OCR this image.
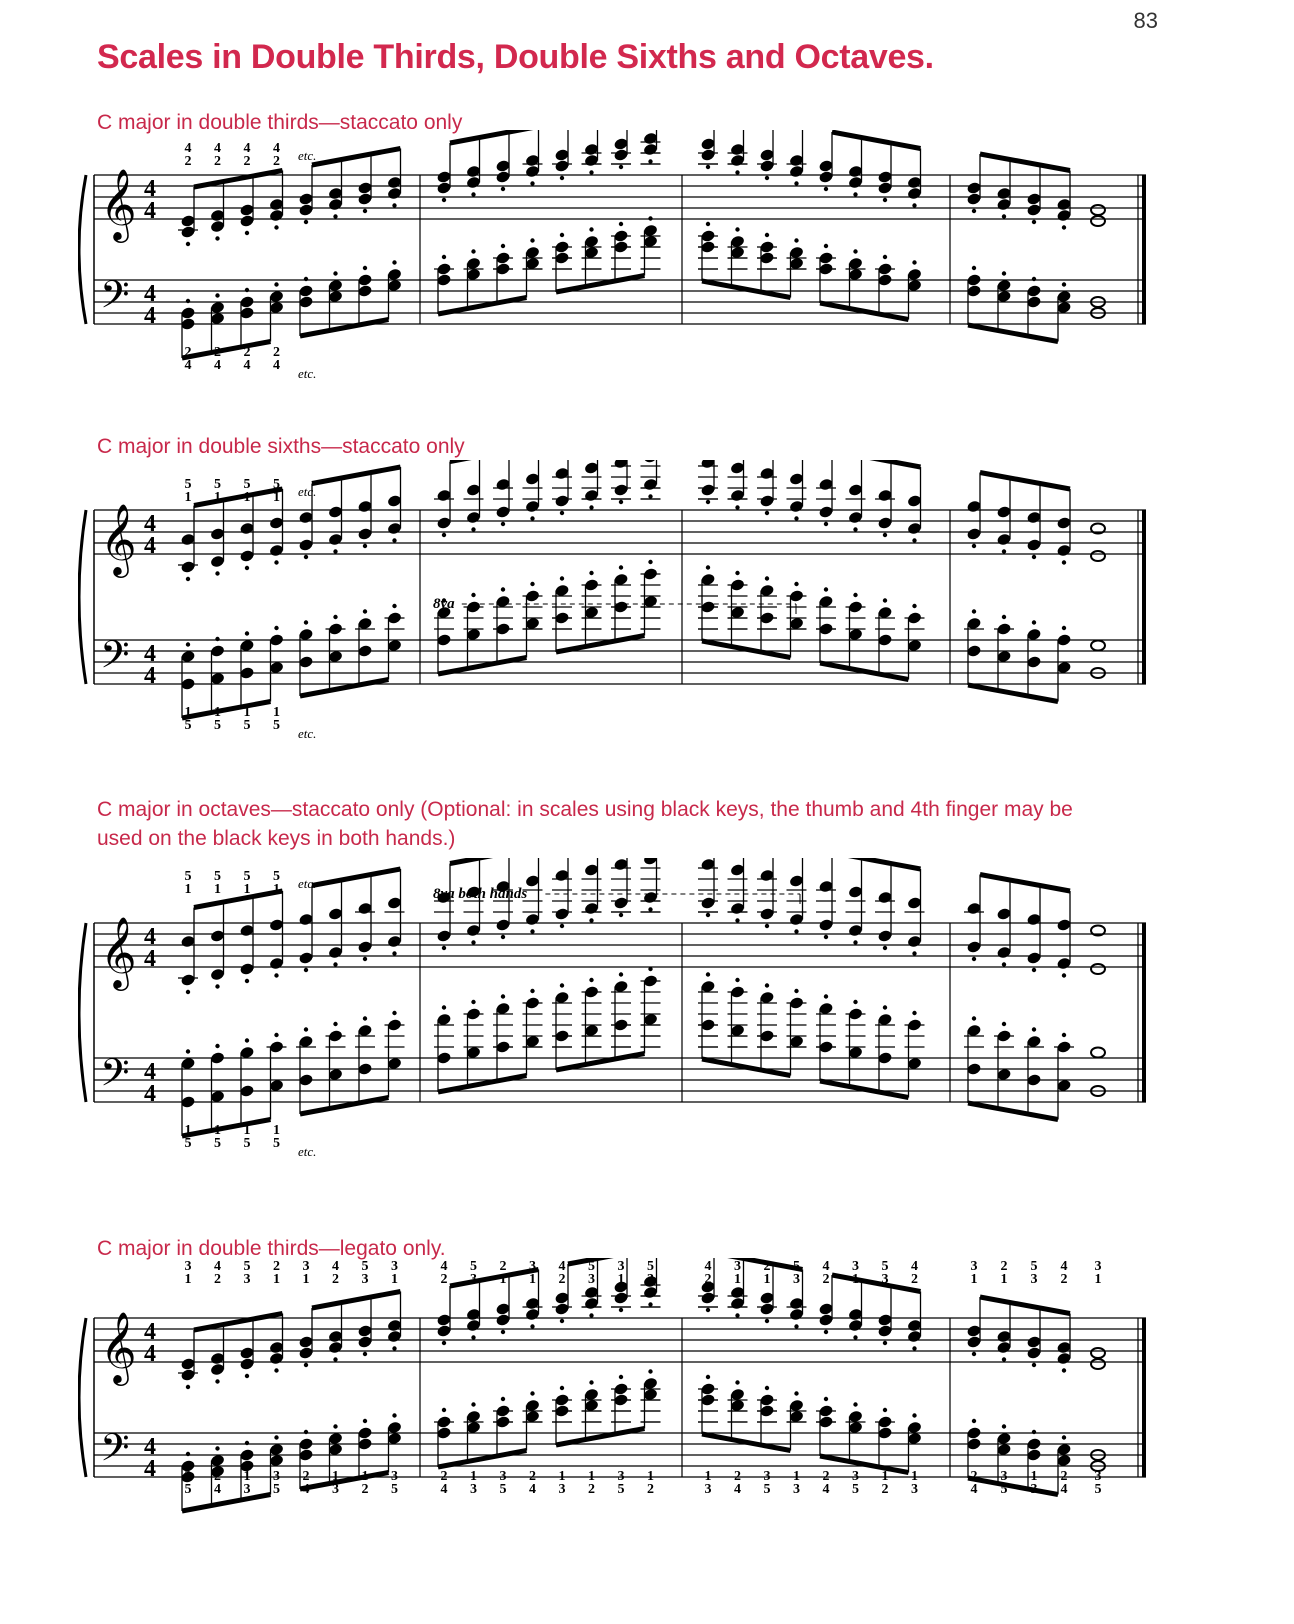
83
Scales in Double Thirds, Double Sixths and Octaves.
C major in double thirds—staccato only
𝄞 4
4
𝄢 4
4
4
2
4
2
4
2
4
2
2
4
2
4
2
4
2
4
etc.
etc.
C major in double sixths—staccato only
𝄞 4
4
𝄢 4
4
5
1
5
1
5
1
5
1
1
5
1
5
1
5
1
5
etc.
etc.
8va
C major in octaves—staccato only (Optional: in scales using black keys, the thumb and 4th finger may be used on the black keys in both hands.)
𝄞 4
4
𝄢 4
4
5
1
5
1
5
1
5
1
1
5
1
5
1
5
1
5
etc.
etc.
8va both hands
C major in double thirds—legato only.
𝄞 4
4
𝄢 4
4
3
1
4
2
5
3
2
1
3
1
4
2
5
3
3
1
4
2
5
3
2
1
3
1
4
2
5
3
3
1
5
3
4
2
3
1
2
1
5
3
4
2
3
1
5
3
4
2
3
1
2
1
5
3
4
2
3
1
3
5
2
4
1
3
3
5
2
4
1
3
1
2
3
5
2
4
1
3
3
5
2
4
1
3
1
2
3
5
1
2
1
3
2
4
3
5
1
3
2
4
3
5
1
2
1
3
2
4
3
5
1
3
2
4
3
5
